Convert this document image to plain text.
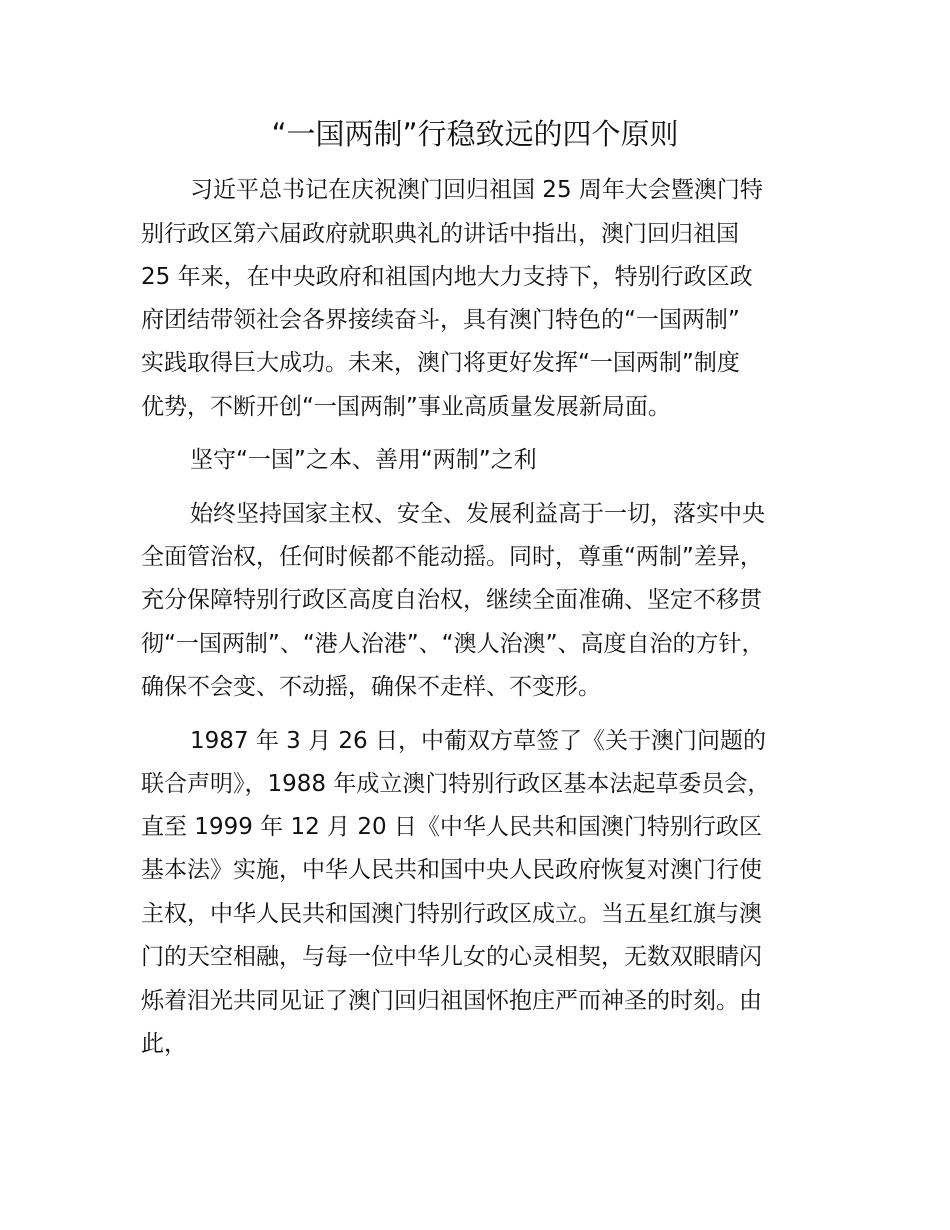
“一国两制”行稳致远的四个原则

习近平总书记在庆祝澳门回归祖国 25 周年大会暨澳门特

别行政区第六届政府就职典礼的讲话中指出，澳门回归祖国

25 年来，在中央政府和祖国内地大力支持下，特别行政区政

府团结带领社会各界接续奋斗，具有澳门特色的“一国两制”

实践取得巨大成功。未来，澳门将更好发挥“一国两制”制度

优势，不断开创“一国两制”事业高质量发展新局面。

坚守“一国”之本、善用“两制”之利

始终坚持国家主权、安全、发展利益高于一切，落实中央

全面管治权，任何时候都不能动摇。同时，尊重“两制”差异，

充分保障特别行政区高度自治权，继续全面准确、坚定不移贯

彻“一国两制”、“港人治港”、“澳人治澳”、高度自治的方针，

确保不会变、不动摇，确保不走样、不变形。

1987 年 3 月 26 日，中葡双方草签了《关于澳门问题的

联合声明》，1988 年成立澳门特别行政区基本法起草委员会，

直至 1999 年 12 月 20 日《中华人民共和国澳门特别行政区

基本法》实施，中华人民共和国中央人民政府恢复对澳门行使

主权，中华人民共和国澳门特别行政区成立。当五星红旗与澳

门的天空相融，与每一位中华儿女的心灵相契，无数双眼睛闪

烁着泪光共同见证了澳门回归祖国怀抱庄严而神圣的时刻。由

此，
